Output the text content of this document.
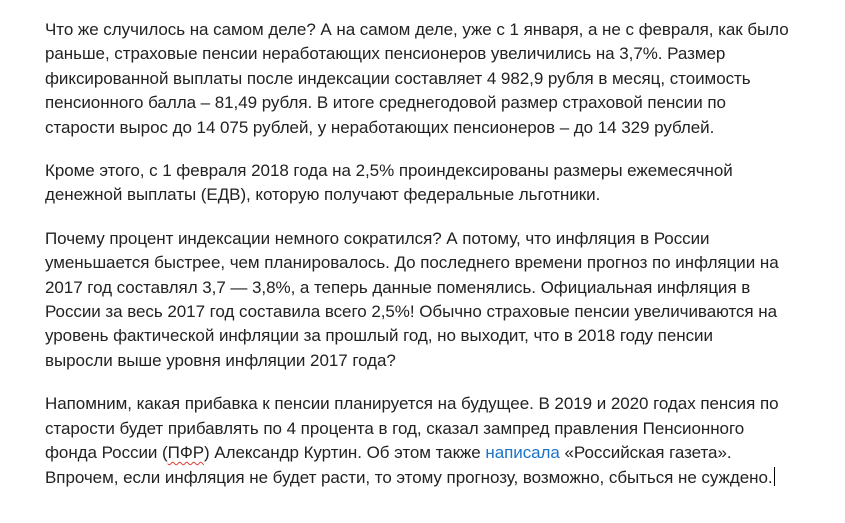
Что же случилось на самом деле? А на самом деле, уже с 1 января, а не с февраля, как было
раньше, страховые пенсии неработающих пенсионеров увеличились на 3,7%. Размер
фиксированной выплаты после индексации составляет 4 982,9 рубля в месяц, стоимость
пенсионного балла – 81,49 рубля. В итоге среднегодовой размер страховой пенсии по
старости вырос до 14 075 рублей, у неработающих пенсионеров – до 14 329 рублей.

Кроме этого, с 1 февраля 2018 года на 2,5% проиндексированы размеры ежемесячной
денежной выплаты (ЕДВ), которую получают федеральные льготники.

Почему процент индексации немного сократился? А потому, что инфляция в России
уменьшается быстрее, чем планировалось. До последнего времени прогноз по инфляции на
2017 год составлял 3,7 — 3,8%, а теперь данные поменялись. Официальная инфляция в
России за весь 2017 год составила всего 2,5%! Обычно страховые пенсии увеличиваются на
уровень фактической инфляции за прошлый год, но выходит, что в 2018 году пенсии
выросли выше уровня инфляции 2017 года?

Напомним, какая прибавка к пенсии планируется на будущее. В 2019 и 2020 годах пенсия по
старости будет прибавлять по 4 процента в год, сказал зампред правления Пенсионного
фонда России (ПФР) Александр Куртин. Об этом также написала «Российская газета».
Впрочем, если инфляция не будет расти, то этому прогнозу, возможно, сбыться не суждено.
